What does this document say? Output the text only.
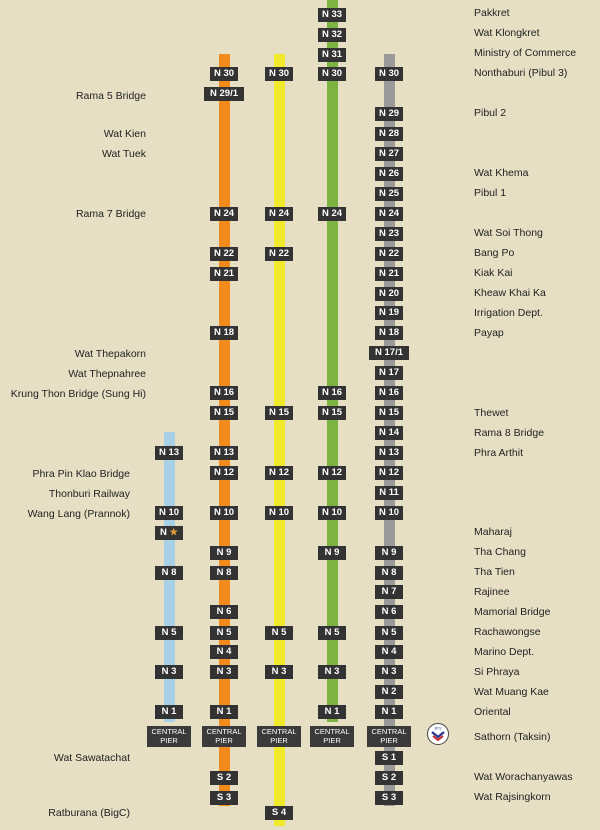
CENTRAL
PIER
N 13
N 10
N ★
N 8
N 5
N 3
N 1
CENTRAL
PIER
N 30
N 29/1
N 24
N 22
N 21
N 18
N 16
N 15
N 13
N 12
N 10
N 9
N 8
N 6
N 5
N 4
N 3
N 1
S 2
S 3
CENTRAL
PIER
N 30
N 24
N 22
N 15
N 12
N 10
N 5
N 3
S 4
CENTRAL
PIER
N 33
N 32
N 31
N 30
N 24
N 16
N 15
N 12
N 10
N 9
N 5
N 3
N 1
CENTRAL
PIER
N 30
N 29
N 28
N 27
N 26
N 25
N 24
N 23
N 22
N 21
N 20
N 19
N 18
N 17/1
N 17
N 16
N 15
N 14
N 13
N 12
N 11
N 10
N 9
N 8
N 7
N 6
N 5
N 4
N 3
N 2
N 1
S 1
S 2
S 3
Rama 5 Bridge
Wat Kien
Wat Tuek
Rama 7 Bridge
Wat Thepakorn
Wat Thepnahree
Krung Thon Bridge (Sung Hi)
Phra Pin Klao Bridge
Thonburi Railway
Wang Lang (Prannok)
Wat Sawatachat
Ratburana (BigC)
Pakkret
Wat Klongkret
Ministry of Commerce
Nonthaburi (Pibul 3)
Pibul 2
Wat Khema
Pibul 1
Wat Soi Thong
Bang Po
Kiak Kai
Kheaw Khai Ka
Irrigation Dept.
Payap
Thewet
Rama 8 Bridge
Phra Arthit
Maharaj
Tha Chang
Tha Tien
Rajinee
Mamorial Bridge
Rachawongse
Marino Dept.
Si Phraya
Wat Muang Kae
Oriental
Sathorn (Taksin)
Wat Worachanyawas
Wat Rajsingkorn
BTS
